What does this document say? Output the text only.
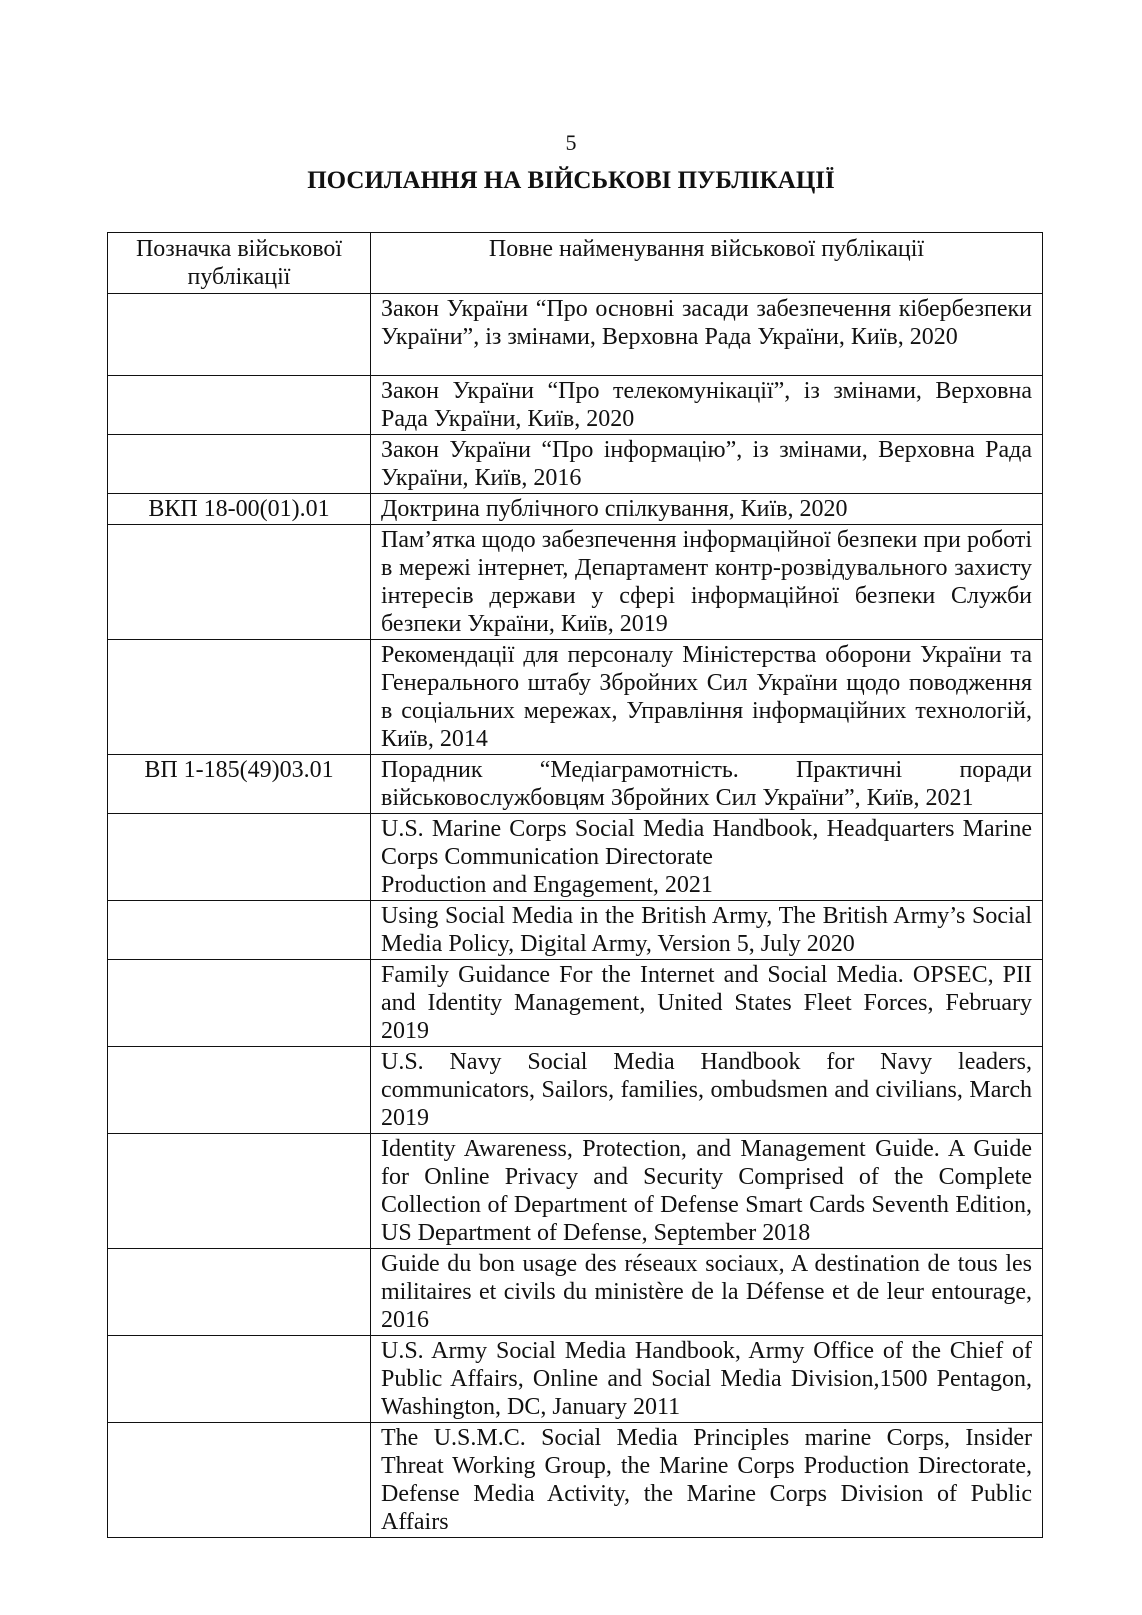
5
ПОСИЛАННЯ НА ВІЙСЬКОВІ ПУБЛІКАЦІЇ
Позначка військової публікації	Повне найменування військової публікації
	Закон України “Про основні засади забезпечення кібербезпеки України”, із змінами, Верховна Рада України, Київ, 2020
	Закон України “Про телекомунікації”, із змінами, Верховна Рада України, Київ, 2020
	Закон України “Про інформацію”, із змінами, Верховна Рада України, Київ, 2016
ВКП 18-00(01).01	Доктрина публічного спілкування, Київ, 2020
	Пам’ятка щодо забезпечення інформаційної безпеки при роботі в мережі інтернет, Департамент контр-розвідувального захисту інтересів держави у сфері інформаційної безпеки Служби безпеки України, Київ, 2019
	Рекомендації для персоналу Міністерства оборони України та Генерального штабу Збройних Сил України щодо поводження в соціальних мережах, Управління інформаційних технологій, Київ, 2014
ВП 1-185(49)03.01	Порадник “Медіаграмотність. Практичні поради військовослужбовцям Збройних Сил України”, Київ, 2021

	U.S. Marine Corps Social Media Handbook, Headquarters Marine Corps Communication Directorate
Production and Engagement, 2021
	Using Social Media in the British Army, The British Army’s Social Media Policy, Digital Army, Version 5, July 2020
	Family Guidance For the Internet and Social Media. OPSEC, PII and Identity Management, United States Fleet Forces, February 2019
	U.S. Navy Social Media Handbook for Navy leaders, communicators, Sailors, families, ombudsmen and civilians, March 2019
	Identity Awareness, Protection, and Management Guide. A Guide for Online Privacy and Security Comprised of the Complete Collection of Department of Defense Smart Cards Seventh Edition, US Department of Defense, September 2018
	Guide du bon usage des réseaux sociaux, A destination de tous les militaires et civils du ministère de la Défense et de leur entourage, 2016
	U.S. Army Social Media Handbook, Army Office of the Chief of Public Affairs, Online and Social Media Division,1500 Pentagon, Washington, DC, January 2011
	The U.S.M.C. Social Media Principles marine Corps, Insider Threat Working Group, the Marine Corps Production Directorate, Defense Media Activity, the Marine Corps Division of Public Affairs
